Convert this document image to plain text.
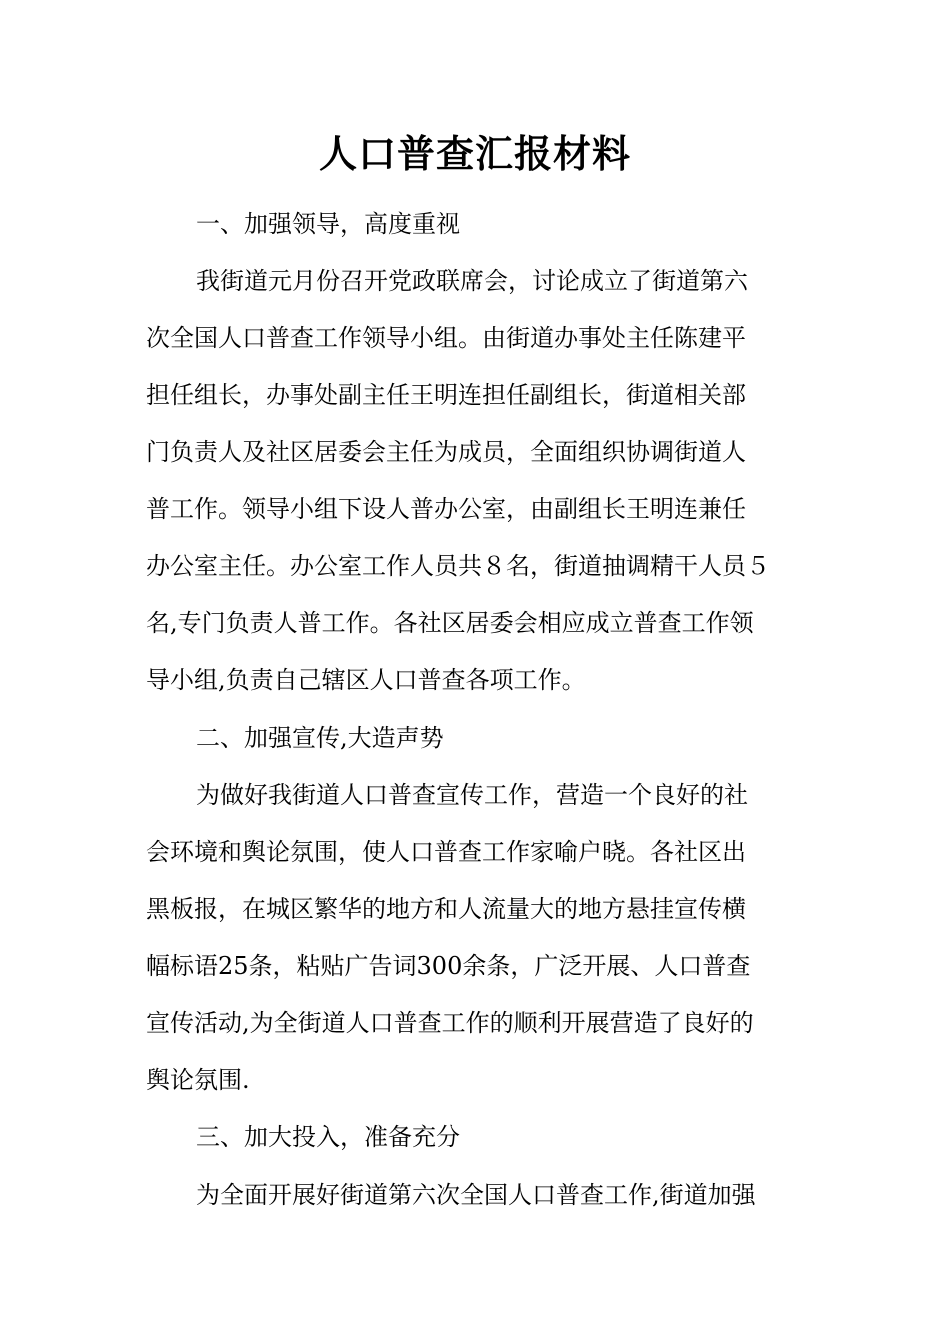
人口普查汇报材料
一、加强领导，高度重视
我街道元月份召开党政联席会，讨论成立了街道第六
次全国人口普查工作领导小组。由街道办事处主任陈建平
担任组长，办事处副主任王明连担任副组长，街道相关部
门负责人及社区居委会主任为成员，全面组织协调街道人
普工作。领导小组下设人普办公室，由副组长王明连兼任
办公室主任。办公室工作人员共８名，街道抽调精干人员５
名,专门负责人普工作。各社区居委会相应成立普查工作领
导小组,负责自己辖区人口普查各项工作。
二、加强宣传,大造声势
为做好我街道人口普查宣传工作，营造一个良好的社
会环境和舆论氛围，使人口普查工作家喻户晓。各社区出
黑板报，在城区繁华的地方和人流量大的地方悬挂宣传横
幅标语25条，粘贴广告词300余条，广泛开展、人口普查
宣传活动,为全街道人口普查工作的顺利开展营造了良好的
舆论氛围.
三、加大投入，准备充分
为全面开展好街道第六次全国人口普查工作,街道加强
